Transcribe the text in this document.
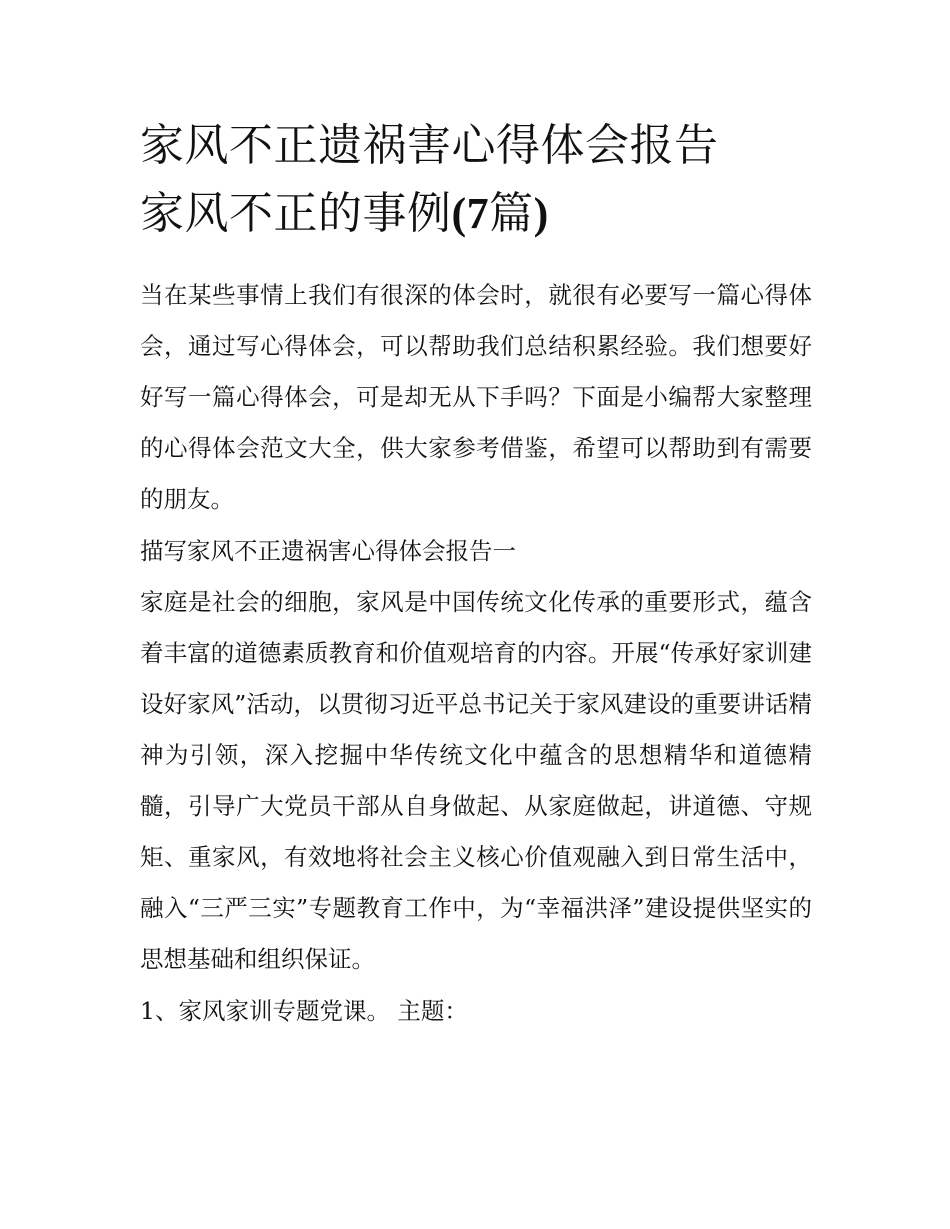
家风不正遗祸害心得体会报告
家风不正的事例(7篇)

当在某些事情上我们有很深的体会时，就很有必要写一篇心得体会，通过写心得体会，可以帮助我们总结积累经验。我们想要好好写一篇心得体会，可是却无从下手吗？下面是小编帮大家整理的心得体会范文大全，供大家参考借鉴，希望可以帮助到有需要的朋友。

描写家风不正遗祸害心得体会报告一

家庭是社会的细胞，家风是中国传统文化传承的重要形式，蕴含着丰富的道德素质教育和价值观培育的内容。开展“传承好家训建设好家风”活动，以贯彻习近平总书记关于家风建设的重要讲话精神为引领，深入挖掘中华传统文化中蕴含的思想精华和道德精髓，引导广大党员干部从自身做起、从家庭做起，讲道德、守规矩、重家风，有效地将社会主义核心价值观融入到日常生活中，融入“三严三实”专题教育工作中，为“幸福洪泽”建设提供坚实的思想基础和组织保证。

1、家风家训专题党课。 主题：
